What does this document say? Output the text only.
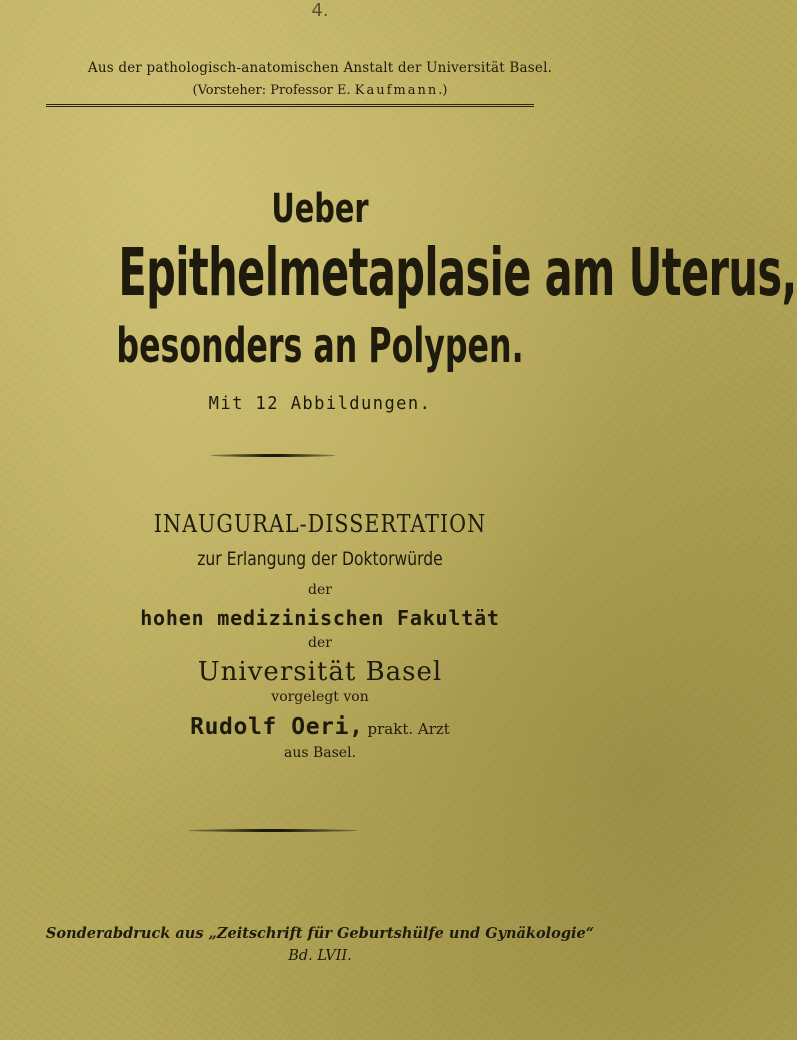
4.
Aus der pathologisch-anatomischen Anstalt der Universität Basel.
(Vorsteher: Professor E. Kaufmann.)
Ueber
Epithelmetaplasie am Uterus,
besonders an Polypen.
Mit 12 Abbildungen.
INAUGURAL-DISSERTATION
zur Erlangung der Doktorwürde
der
hohen medizinischen Fakultät
der
Universität Basel
vorgelegt von
Rudolf Oeri, prakt. Arzt
aus Basel.
Sonderabdruck aus „Zeitschrift für Geburtshülfe und Gynäkologie“
Bd. LVII.
